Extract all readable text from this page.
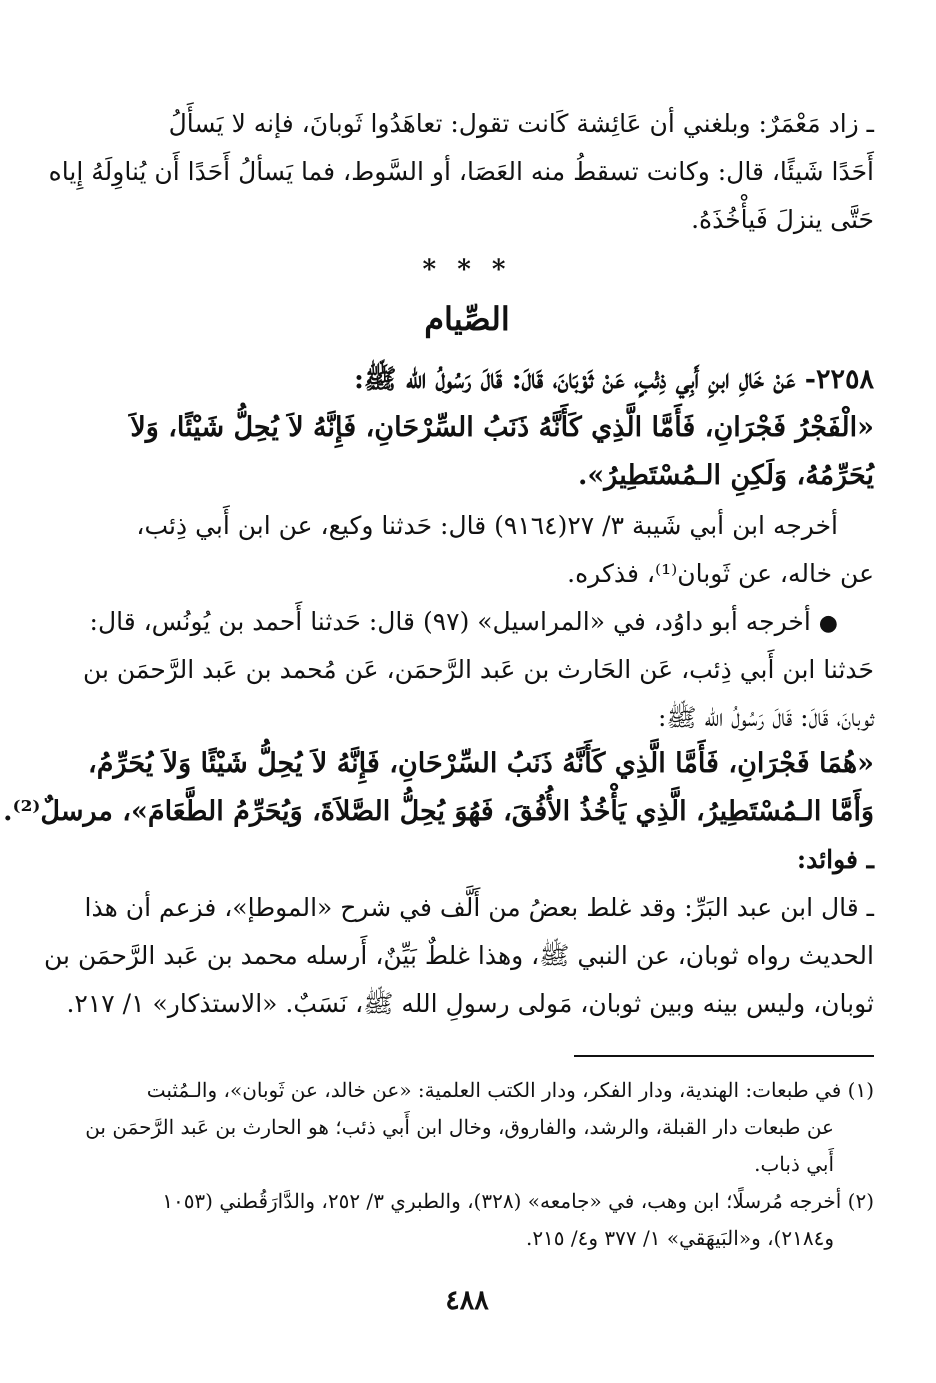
ـ زاد مَعْمَرٌ: وبلغني أن عَائِشة كَانت تقول: تعاهَدُوا ثَوبانَ، فإنه لا يَسأَلُ
أَحَدًا شَيئًا، قال: وكانت تسقطُ منه العَصَا، أو السَّوط، فما يَسألُ أَحَدًا أَن يُناوِلَهُ إِياه
حَتَّى ينزلَ فَيأْخُذَهُ.
* * *
الصِّيام
٢٢٥٨- عَنْ خَالِ ابنِ أَبِي ذِئْبٍ، عَنْ ثَوْبَانَ، قَالَ: قَالَ رَسُولُ الله ﷺ:
«الْفَجْرُ فَجْرَانِ، فَأَمَّا الَّذِي كَأَنَّهُ ذَنَبُ السِّرْحَانِ، فَإِنَّهُ لاَ يُحِلُّ شَيْئًا، وَلاَ
يُحَرِّمُهُ، وَلَكِنِ الـمُسْتَطِيرُ».
أخرجه ابن أبي شَيبة ٣/ ٢٧(٩١٦٤) قال: حَدثنا وكيع، عن ابن أَبي ذِئب،
عن خاله، عن ثَوبان⁽¹⁾، فذكره.
● أخرجه أبو داوُد، في «المراسيل» (٩٧) قال: حَدثنا أَحمد بن يُونُس، قال:
حَدثنا ابن أَبي ذِئب، عَن الحَارث بن عَبد الرَّحمَن، عَن مُحمد بن عَبد الرَّحمَن بن
ثوبانَ، قَالَ: قَالَ رَسُولُ الله ﷺ:
«هُمَا فَجْرَانِ، فَأَمَّا الَّذِي كَأَنَّهُ ذَنَبُ السِّرْحَانِ، فَإِنَّهُ لاَ يُحِلُّ شَيْئًا وَلاَ يُحَرِّمُ،
وَأَمَّا الـمُسْتَطِيرُ، الَّذِي يَأْخُذُ الأُفُقَ، فَهُوَ يُحِلُّ الصَّلاَةَ، وَيُحَرِّمُ الطَّعَامَ»، مرسلٌ⁽²⁾.
ـ فوائد:
ـ قال ابن عبد البَرِّ: وقد غلط بعضُ من أَلَّف في شرح «الموطإ»، فزعم أن هذا
الحديث رواه ثوبان، عن النبي ﷺ، وهذا غلطٌ بَيِّنٌ، أَرسله محمد بن عَبد الرَّحمَن بن
ثوبان، وليس بينه وبين ثوبان، مَولى رسولِ الله ﷺ، نَسَبٌ. «الاستذكار» ١/ ٢١٧.
(١) في طبعات: الهندية، ودار الفكر، ودار الكتب العلمية: «عن خالد، عن ثَوبان»، والـمُثبت
عن طبعات دار القبلة، والرشد، والفاروق، وخال ابن أَبي ذئب؛ هو الحارث بن عَبد الرَّحمَن بن
أَبي ذباب.
(٢) أخرجه مُرسلًا؛ ابن وهب، في «جامعه» (٣٢٨)، والطبري ٣/ ٢٥٢، والدَّارَقُطني (١٠٥٣
و٢١٨٤)، و«البَيهَقي» ١/ ٣٧٧ و٤/ ٢١٥.
٤٨٨
